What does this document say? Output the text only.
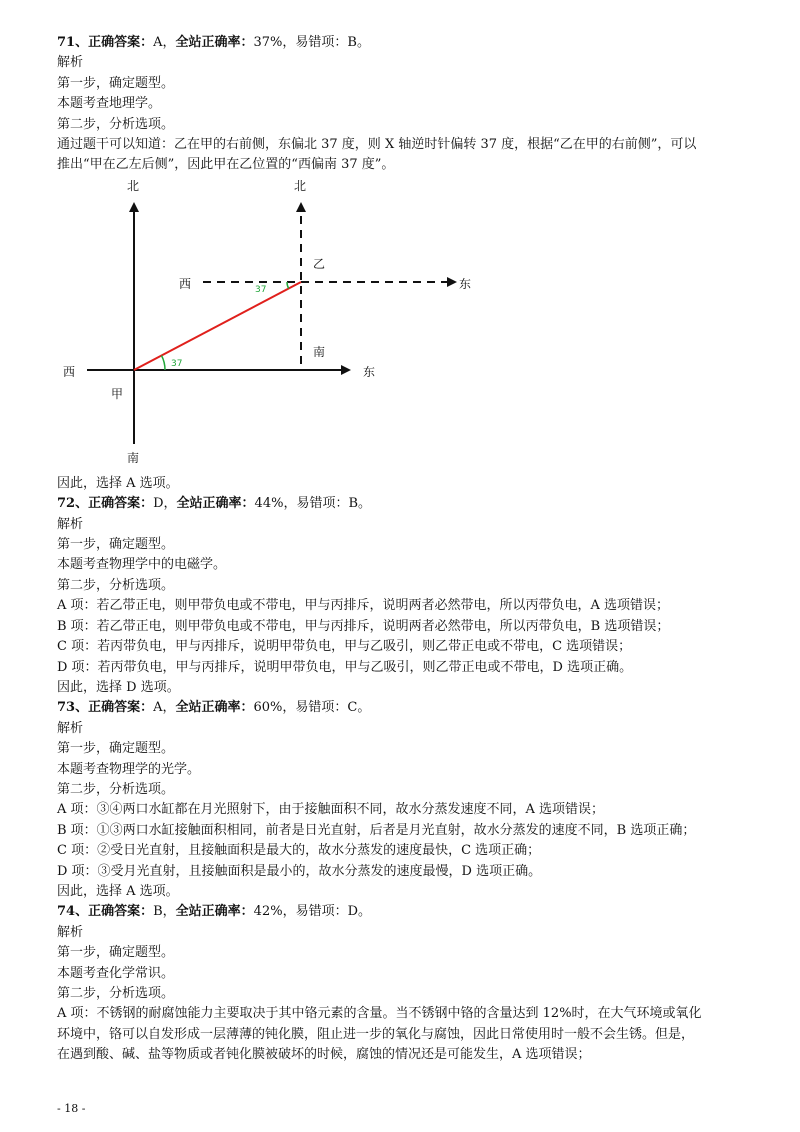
71、正确答案：A，全站正确率：37%，易错项：B。
解析
第一步，确定题型。
本题考查地理学。
第二步，分析选项。
通过题干可以知道：乙在甲的右前侧，东偏北 37 度，则 X 轴逆时针偏转 37 度，根据“乙在甲的右前侧”，可以
推出“甲在乙左后侧”，因此甲在乙位置的“西偏南 37 度”。
北
南
西	东
甲
北
南
西	东
乙
37
37
因此，选择 A 选项。
72、正确答案：D，全站正确率：44%，易错项：B。
解析
第一步，确定题型。
本题考查物理学中的电磁学。
第二步，分析选项。
A 项：若乙带正电，则甲带负电或不带电，甲与丙排斥，说明两者必然带电，所以丙带负电，A 选项错误；
B 项：若乙带正电，则甲带负电或不带电，甲与丙排斥，说明两者必然带电，所以丙带负电，B 选项错误；
C 项：若丙带负电，甲与丙排斥，说明甲带负电，甲与乙吸引，则乙带正电或不带电，C 选项错误；
D 项：若丙带负电，甲与丙排斥，说明甲带负电，甲与乙吸引，则乙带正电或不带电，D 选项正确。
因此，选择 D 选项。
73、正确答案：A，全站正确率：60%，易错项：C。
解析
第一步，确定题型。
本题考查物理学的光学。
第二步，分析选项。
A 项：③④两口水缸都在月光照射下，由于接触面积不同，故水分蒸发速度不同，A 选项错误；
B 项：①③两口水缸接触面积相同，前者是日光直射，后者是月光直射，故水分蒸发的速度不同，B 选项正确；
C 项：②受日光直射，且接触面积是最大的，故水分蒸发的速度最快，C 选项正确；
D 项：③受月光直射，且接触面积是最小的，故水分蒸发的速度最慢，D 选项正确。
因此，选择 A 选项。
74、正确答案：B，全站正确率：42%，易错项：D。
解析
第一步，确定题型。
本题考查化学常识。
第二步，分析选项。
A 项：不锈钢的耐腐蚀能力主要取决于其中铬元素的含量。当不锈钢中铬的含量达到 12%时，在大气环境或氧化
环境中，铬可以自发形成一层薄薄的钝化膜，阻止进一步的氧化与腐蚀，因此日常使用时一般不会生锈。但是，
在遇到酸、碱、盐等物质或者钝化膜被破坏的时候，腐蚀的情况还是可能发生，A 选项错误；
- 18 -
